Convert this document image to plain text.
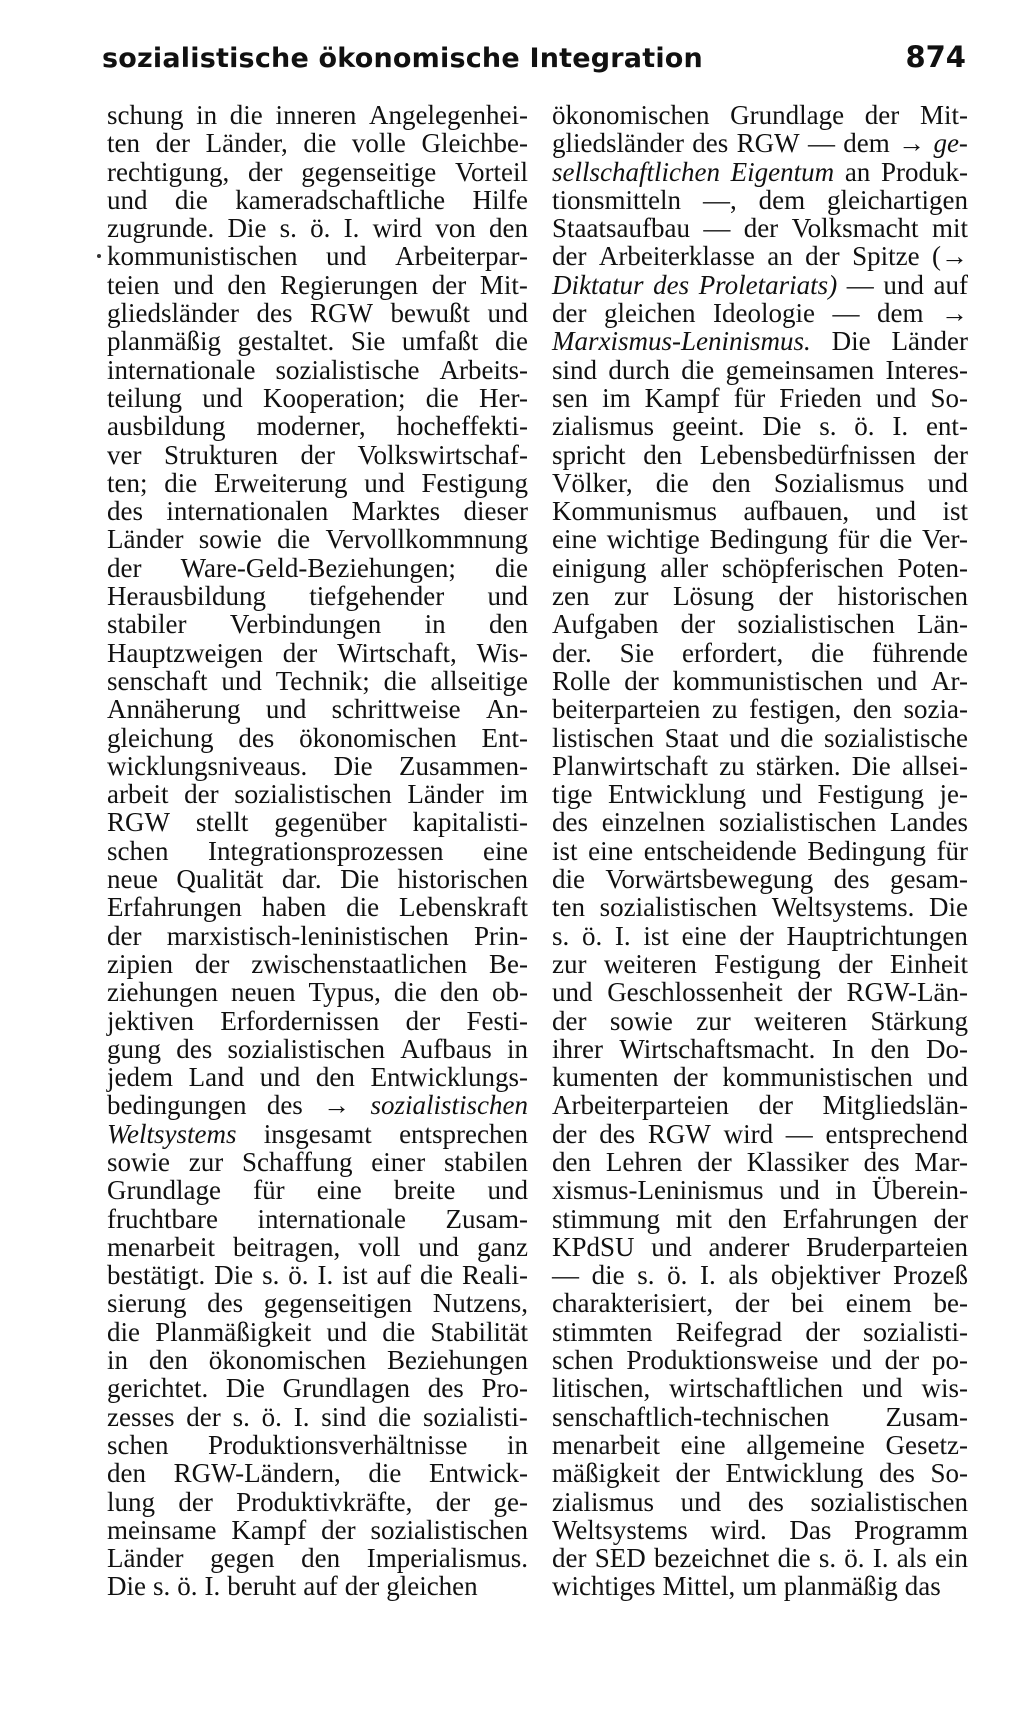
sozialistische ökonomische Integration	874
schung in die inneren Angelegenhei-
ten der Länder, die volle Gleichbe-
rechtigung, der gegenseitige Vorteil
und die kameradschaftliche Hilfe
zugrunde. Die s. ö. I. wird von den
kommunistischen und Arbeiterpar-
teien und den Regierungen der Mit-
gliedsländer des RGW bewußt und
planmäßig gestaltet. Sie umfaßt die
internationale sozialistische Arbeits-
teilung und Kooperation; die Her-
ausbildung moderner, hocheffekti-
ver Strukturen der Volkswirtschaf-
ten; die Erweiterung und Festigung
des internationalen Marktes dieser
Länder sowie die Vervollkommnung
der Ware-Geld-Beziehungen; die
Herausbildung tiefgehender und
stabiler Verbindungen in den
Hauptzweigen der Wirtschaft, Wis-
senschaft und Technik; die allseitige
Annäherung und schrittweise An-
gleichung des ökonomischen Ent-
wicklungsniveaus. Die Zusammen-
arbeit der sozialistischen Länder im
RGW stellt gegenüber kapitalisti-
schen Integrationsprozessen eine
neue Qualität dar. Die historischen
Erfahrungen haben die Lebenskraft
der marxistisch-leninistischen Prin-
zipien der zwischenstaatlichen Be-
ziehungen neuen Typus, die den ob-
jektiven Erfordernissen der Festi-
gung des sozialistischen Aufbaus in
jedem Land und den Entwicklungs-
bedingungen des → sozialistischen
Weltsystems insgesamt entsprechen
sowie zur Schaffung einer stabilen
Grundlage für eine breite und
fruchtbare internationale Zusam-
menarbeit beitragen, voll und ganz
bestätigt. Die s. ö. I. ist auf die Reali-
sierung des gegenseitigen Nutzens,
die Planmäßigkeit und die Stabilität
in den ökonomischen Beziehungen
gerichtet. Die Grundlagen des Pro-
zesses der s. ö. I. sind die sozialisti-
schen Produktionsverhältnisse in
den RGW-Ländern, die Entwick-
lung der Produktivkräfte, der ge-
meinsame Kampf der sozialistischen
Länder gegen den Imperialismus.
Die s. ö. I. beruht auf der gleichen
ökonomischen Grundlage der Mit-
gliedsländer des RGW — dem → ge-
sellschaftlichen Eigentum an Produk-
tionsmitteln —, dem gleichartigen
Staatsaufbau — der Volksmacht mit
der Arbeiterklasse an der Spitze (→
Diktatur des Proletariats) — und auf
der gleichen Ideologie — dem →
Marxismus-Leninismus. Die Länder
sind durch die gemeinsamen Interes-
sen im Kampf für Frieden und So-
zialismus geeint. Die s. ö. I. ent-
spricht den Lebensbedürfnissen der
Völker, die den Sozialismus und
Kommunismus aufbauen, und ist
eine wichtige Bedingung für die Ver-
einigung aller schöpferischen Poten-
zen zur Lösung der historischen
Aufgaben der sozialistischen Län-
der. Sie erfordert, die führende
Rolle der kommunistischen und Ar-
beiterparteien zu festigen, den sozia-
listischen Staat und die sozialistische
Planwirtschaft zu stärken. Die allsei-
tige Entwicklung und Festigung je-
des einzelnen sozialistischen Landes
ist eine entscheidende Bedingung für
die Vorwärtsbewegung des gesam-
ten sozialistischen Weltsystems. Die
s. ö. I. ist eine der Hauptrichtungen
zur weiteren Festigung der Einheit
und Geschlossenheit der RGW-Län-
der sowie zur weiteren Stärkung
ihrer Wirtschaftsmacht. In den Do-
kumenten der kommunistischen und
Arbeiterparteien der Mitgliedslän-
der des RGW wird — entsprechend
den Lehren der Klassiker des Mar-
xismus-Leninismus und in Überein-
stimmung mit den Erfahrungen der
KPdSU und anderer Bruderparteien
— die s. ö. I. als objektiver Prozeß
charakterisiert, der bei einem be-
stimmten Reifegrad der sozialisti-
schen Produktionsweise und der po-
litischen, wirtschaftlichen und wis-
senschaftlich-technischen Zusam-
menarbeit eine allgemeine Gesetz-
mäßigkeit der Entwicklung des So-
zialismus und des sozialistischen
Weltsystems wird. Das Programm
der SED bezeichnet die s. ö. I. als ein
wichtiges Mittel, um planmäßig das
